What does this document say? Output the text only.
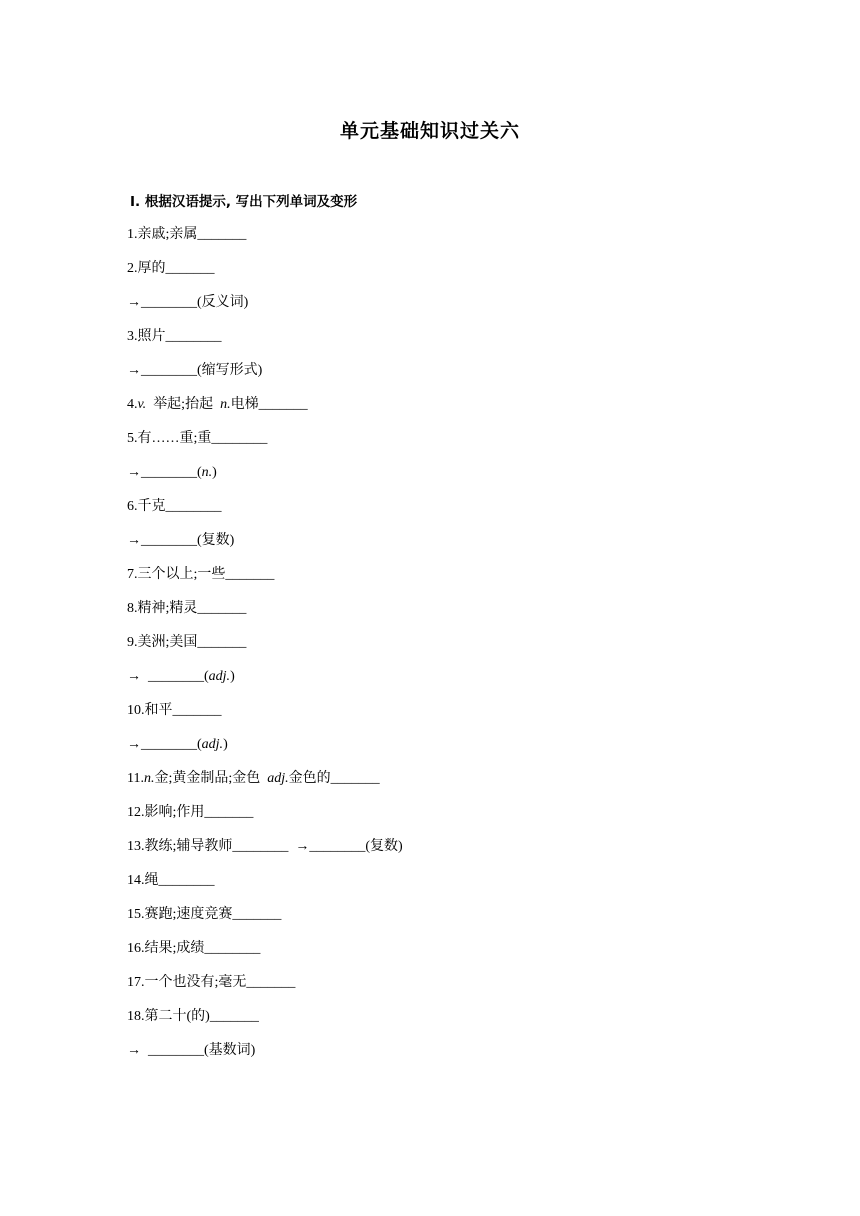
单元基础知识过关六
Ⅰ. 根据汉语提示, 写出下列单词及变形
1.亲戚;亲属_______
2.厚的_______
→________(反义词)
3.照片________
→________(缩写形式)
4.v.  举起;抬起  n.电梯_______
5.有……重;重________
→________(n.)
6.千克________
→________(复数)
7.三个以上;一些_______
8.精神;精灵_______
9.美洲;美国_______
→  ________(adj.)
10.和平_______
→________(adj.)
11.n.金;黄金制品;金色  adj.金色的_______
12.影响;作用_______
13.教练;辅导教师________  →________(复数)
14.绳________
15.赛跑;速度竞赛_______
16.结果;成绩________
17.一个也没有;毫无_______
18.第二十(的)_______
→  ________(基数词)
